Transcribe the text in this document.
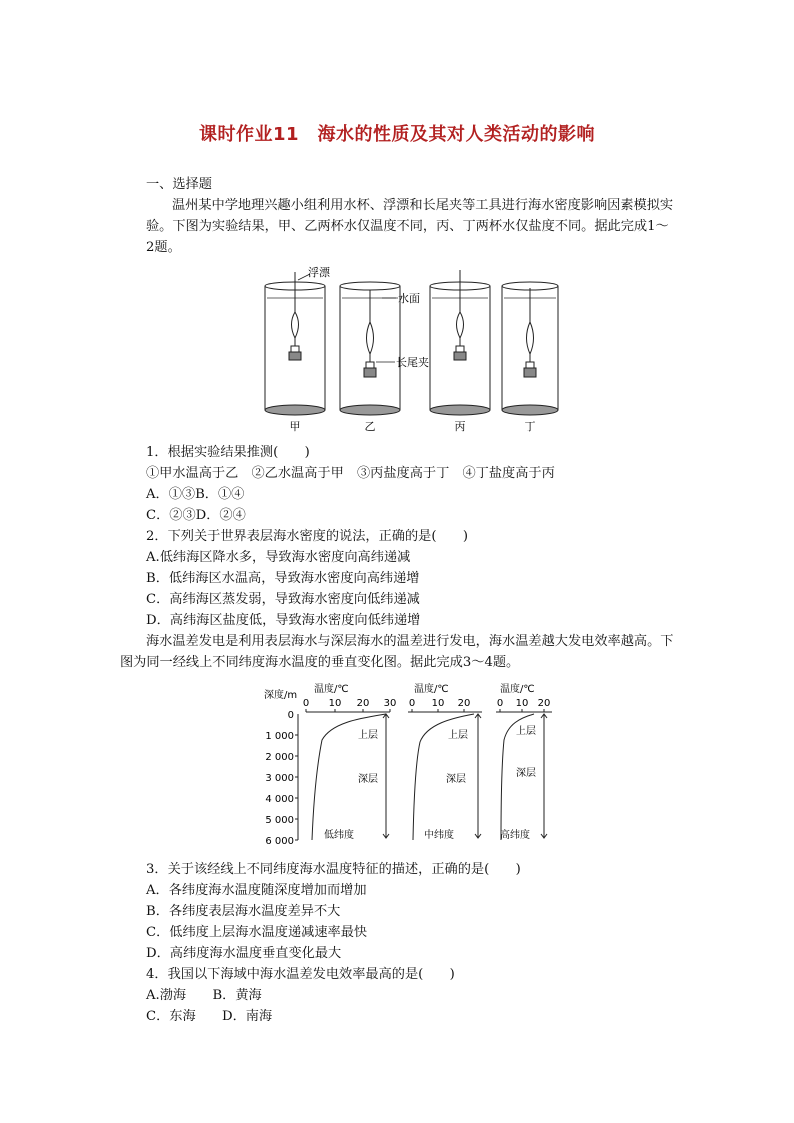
课时作业11　海水的性质及其对人类活动的影响
一、选择题
温州某中学地理兴趣小组利用水杯、浮漂和长尾夹等工具进行海水密度影响因素模拟实验。下图为实验结果，甲、乙两杯水仅温度不同，丙、丁两杯水仅盐度不同。据此完成1～2题。
浮漂
水面
长尾夹
甲	乙	丙	丁
1．根据实验结果推测(　　)
①甲水温高于乙　②乙水温高于甲　③丙盐度高于丁　④丁盐度高于丙
A．①③B．①④
C．②③D．②④
2．下列关于世界表层海水密度的说法，正确的是(　　)
A.低纬海区降水多，导致海水密度向高纬递减
B．低纬海区水温高，导致海水密度向高纬递增
C．高纬海区蒸发弱，导致海水密度向低纬递减
D．高纬海区盐度低，导致海水密度向低纬递增
海水温差发电是利用表层海水与深层海水的温差进行发电，海水温差越大发电效率越高。下图为同一经线上不同纬度海水温度的垂直变化图。据此完成3～4题。
深度/m
0
1 000
2 000
3 000
4 000
5 000
6 000
温度/℃
0 10 20 30
上层
深层
低纬度
温度/℃
0 10 20
上层
深层
中纬度
温度/℃
0 10 20
上层
深层
高纬度
3．关于该经线上不同纬度海水温度特征的描述，正确的是(　　)
A．各纬度海水温度随深度增加而增加
B．各纬度表层海水温度差异不大
C．低纬度上层海水温度递减速率最快
D．高纬度海水温度垂直变化最大
4．我国以下海域中海水温差发电效率最高的是(　　)
A.渤海　　B．黄海
C．东海　　D．南海
